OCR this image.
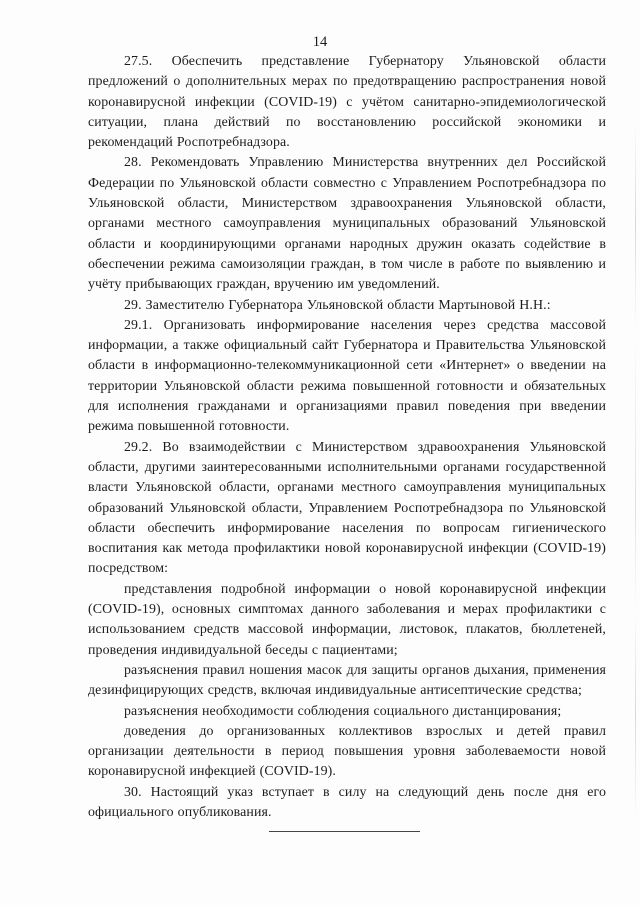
14

27.5. Обеспечить представление Губернатору Ульяновской области предложений о дополнительных мерах по предотвращению распространения новой коронавирусной инфекции (COVID-19) с учётом санитарно-эпидемиологической ситуации, плана действий по восстановлению российской экономики и рекомендаций Роспотребнадзора.

28. Рекомендовать Управлению Министерства внутренних дел Российской Федерации по Ульяновской области совместно с Управлением Роспотребнадзора по Ульяновской области, Министерством здравоохранения Ульяновской области, органами местного самоуправления муниципальных образований Ульяновской области и координирующими органами народных дружин оказать содействие в обеспечении режима самоизоляции граждан, в том числе в работе по выявлению и учёту прибывающих граждан, вручению им уведомлений.

29. Заместителю Губернатора Ульяновской области Мартыновой Н.Н.:

29.1. Организовать информирование населения через средства массовой информации, а также официальный сайт Губернатора и Правительства Ульяновской области в информационно-телекоммуникационной сети «Интернет» о введении на территории Ульяновской области режима повышенной готовности и обязательных для исполнения гражданами и организациями правил поведения при введении режима повышенной готовности.

29.2. Во взаимодействии с Министерством здравоохранения Ульяновской области, другими заинтересованными исполнительными органами государственной власти Ульяновской области, органами местного самоуправления муниципальных образований Ульяновской области, Управлением Роспотребнадзора по Ульяновской области обеспечить информирование населения по вопросам гигиенического воспитания как метода профилактики новой коронавирусной инфекции (COVID-19) посредством:

представления подробной информации о новой коронавирусной инфекции (COVID-19), основных симптомах данного заболевания и мерах профилактики с использованием средств массовой информации, листовок, плакатов, бюллетеней, проведения индивидуальной беседы с пациентами;

разъяснения правил ношения масок для защиты органов дыхания, применения дезинфицирующих средств, включая индивидуальные антисептические средства;

разъяснения необходимости соблюдения социального дистанцирования;

доведения до организованных коллективов взрослых и детей правил организации деятельности в период повышения уровня заболеваемости новой коронавирусной инфекцией (COVID-19).

30. Настоящий указ вступает в силу на следующий день после дня его официального опубликования.
